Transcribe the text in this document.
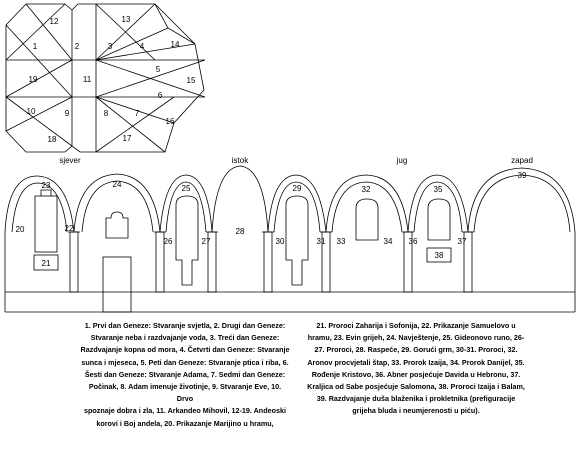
12	13
1	2	3	4	14
5
15
19	11
6
10	9	8	7
16
18	17
sjever	istok	jug	zapad
23	24	25	29	32	35
39
20	22
26	27
28
30	31 33	34 36	37
21
38

1. Prvi dan Geneze: Stvaranje svjetla, 2. Drugi dan Geneze:
Stvaranje neba i razdvajanje voda, 3. Treći dan Geneze:
Razdvajanje kopna od mora, 4. Četvrti dan Geneze: Stvaranje
sunca i mjeseca, 5. Peti dan Geneze: Stvaranje ptica i riba, 6.
Šesti dan Geneze: Stvaranje Adama, 7. Sedmi dan Geneze:
Počinak, 8. Adam imenuje životinje, 9. Stvaranje Eve, 10. Drvo
spoznaje dobra i zla, 11. Arkandeo Mihovil, 12-19. Andeoski
korovi i Boj andela, 20. Prikazanje Marijino u hramu,

21. Proroci Zaharija i Sofonija, 22. Prikazanje Samuelovo u
hramu, 23. Evin grijeh, 24. Navještenje, 25. Gideonovo runo, 26-
27. Proroci, 28. Raspeće, 29. Gorući grm, 30-31. Proroci, 32.
Aronov procvjetali štap, 33. Prorok Izaija, 34. Prorok Danijel, 35.
Rođenje Kristovo, 36. Abner posjećuje Davida u Hebronu, 37.
Kraljica od Sabe posjećuje Salomona, 38. Proroci Izaija i Balam,
39. Razdvajanje duša blaženika i prokletnika (prefiguracije
grijeha bluda i neumjerenosti u piću).
